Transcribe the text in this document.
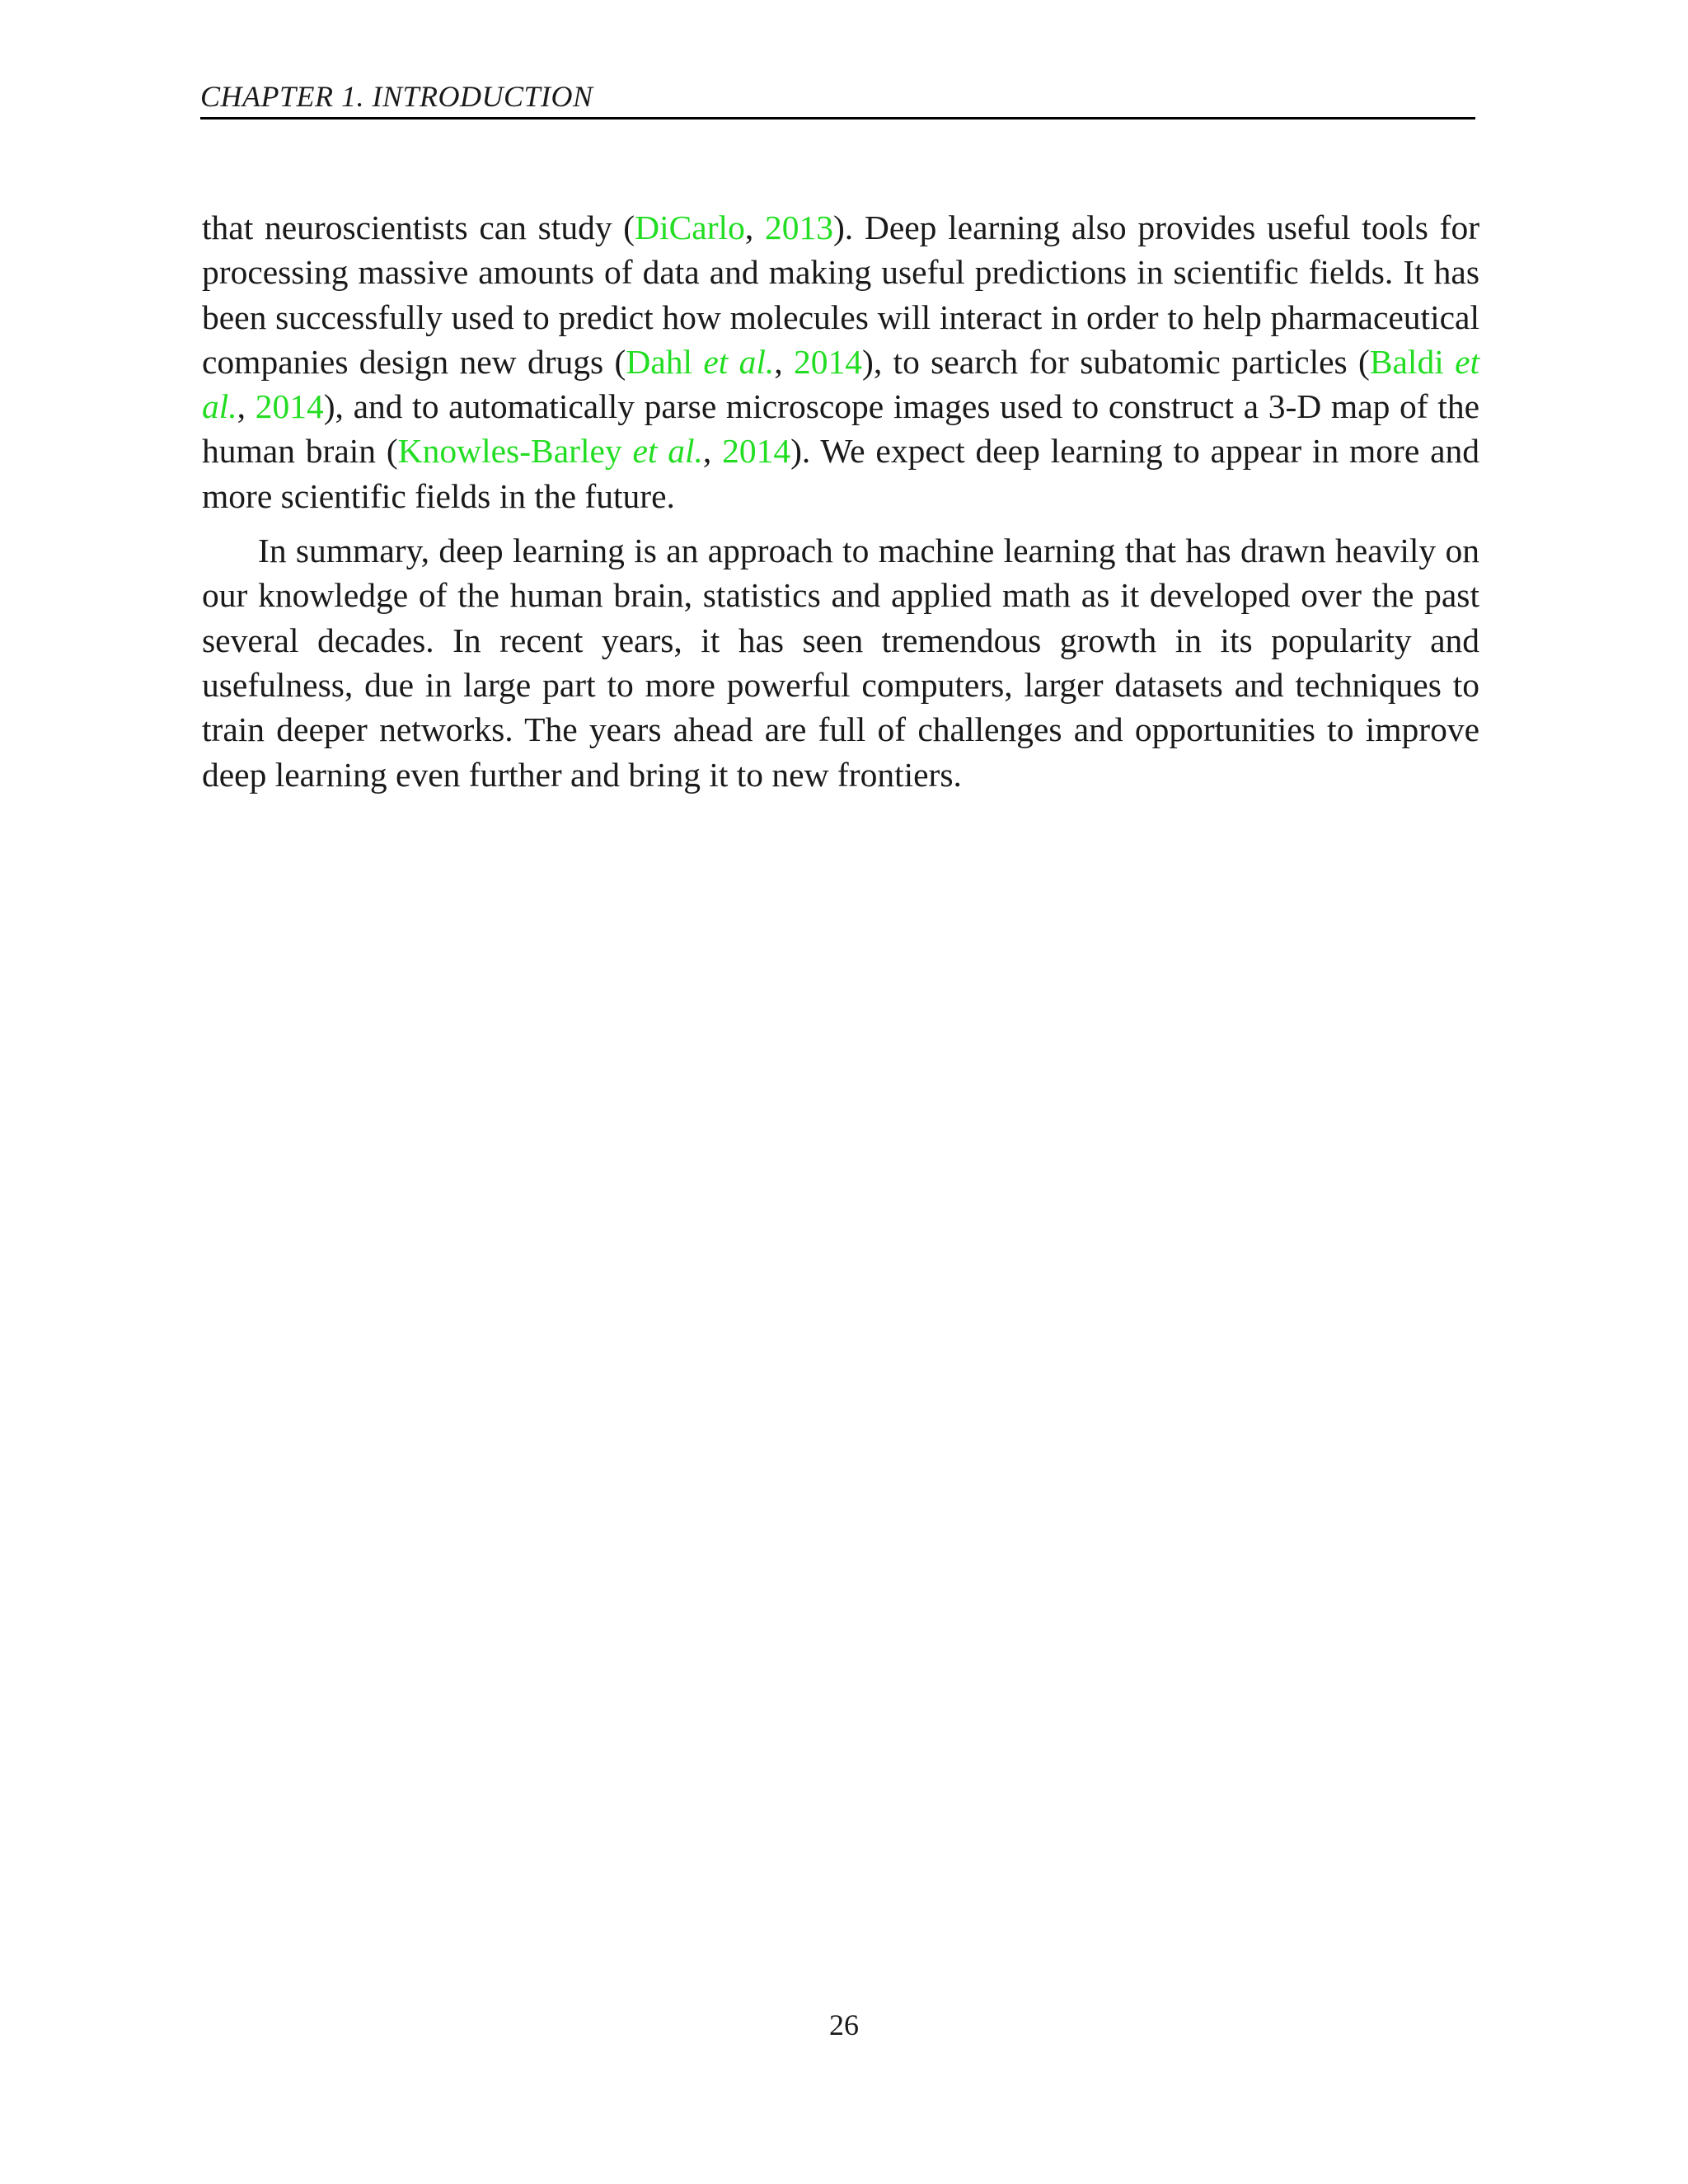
CHAPTER 1. INTRODUCTION

that neuroscientists can study (DiCarlo, 2013). Deep learning also provides useful tools for processing massive amounts of data and making useful predictions in scientific fields. It has been successfully used to predict how molecules will interact in order to help pharmaceutical companies design new drugs (Dahl et al., 2014), to search for subatomic particles (Baldi et al., 2014), and to automatically parse microscope images used to construct a 3-D map of the human brain (Knowles-Barley et al., 2014). We expect deep learning to appear in more and more scientific fields in the future.

In summary, deep learning is an approach to machine learning that has drawn heavily on our knowledge of the human brain, statistics and applied math as it developed over the past several decades. In recent years, it has seen tremendous growth in its popularity and usefulness, due in large part to more powerful computers, larger datasets and techniques to train deeper networks. The years ahead are full of challenges and opportunities to improve deep learning even further and bring it to new frontiers.

26
